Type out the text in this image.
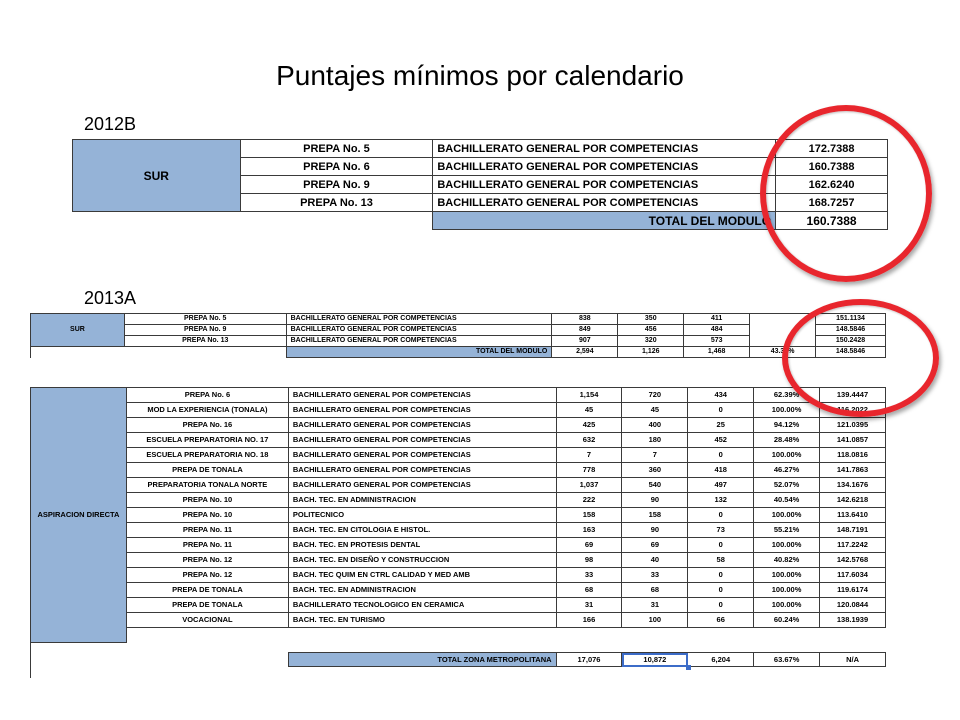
Puntajes mínimos por calendario
2012B
SUR	PREPA No. 5	BACHILLERATO GENERAL POR COMPETENCIAS	172.7388
	PREPA No. 6	BACHILLERATO GENERAL POR COMPETENCIAS	160.7388
	PREPA No. 9	BACHILLERATO GENERAL POR COMPETENCIAS	162.6240
	PREPA No. 13	BACHILLERATO GENERAL POR COMPETENCIAS	168.7257
		TOTAL DEL MODULO	160.7388
2013A
SUR	PREPA No. 5	BACHILLERATO GENERAL POR COMPETENCIAS	838	350	411		151.1134
	PREPA No. 9	BACHILLERATO GENERAL POR COMPETENCIAS	849	456	484		148.5846
	PREPA No. 13	BACHILLERATO GENERAL POR COMPETENCIAS	907	320	573		150.2428
		TOTAL DEL MODULO	2,594	1,126	1,468	43.31%	148.5846
ASPIRACION DIRECTA	PREPA No. 6	BACHILLERATO GENERAL POR COMPETENCIAS	1,154	720	434	62.39%	139.4447
	MOD LA EXPERIENCIA (TONALA)	BACHILLERATO GENERAL POR COMPETENCIAS	45	45	0	100.00%	116.2022
	PREPA No. 16	BACHILLERATO GENERAL POR COMPETENCIAS	425	400	25	94.12%	121.0395
	ESCUELA PREPARATORIA NO. 17	BACHILLERATO GENERAL POR COMPETENCIAS	632	180	452	28.48%	141.0857
	ESCUELA PREPARATORIA NO. 18	BACHILLERATO GENERAL POR COMPETENCIAS	7	7	0	100.00%	118.0816
	PREPA DE TONALA	BACHILLERATO GENERAL POR COMPETENCIAS	778	360	418	46.27%	141.7863
	PREPARATORIA TONALA NORTE	BACHILLERATO GENERAL POR COMPETENCIAS	1,037	540	497	52.07%	134.1676
	PREPA No. 10	BACH. TEC. EN ADMINISTRACION	222	90	132	40.54%	142.6218
	PREPA No. 10	POLITECNICO	158	158	0	100.00%	113.6410
	PREPA No. 11	BACH. TEC. EN CITOLOGIA E HISTOL.	163	90	73	55.21%	148.7191
	PREPA No. 11	BACH. TEC. EN PROTESIS DENTAL	69	69	0	100.00%	117.2242
	PREPA No. 12	BACH. TEC. EN DISEÑO Y CONSTRUCCION	98	40	58	40.82%	142.5768
	PREPA No. 12	BACH. TEC QUIM EN CTRL CALIDAD Y MED AMB	33	33	0	100.00%	117.6034
	PREPA DE TONALA	BACH. TEC. EN ADMINISTRACION	68	68	0	100.00%	119.6174
	PREPA DE TONALA	BACHILLERATO TECNOLOGICO EN CERAMICA	31	31	0	100.00%	120.0844
	VOCACIONAL	BACH. TEC. EN TURISMO	166	100	66	60.24%	138.1939

TOTAL ZONA METROPOLITANA	17,076	10,872	6,204	63.67%	N/A
